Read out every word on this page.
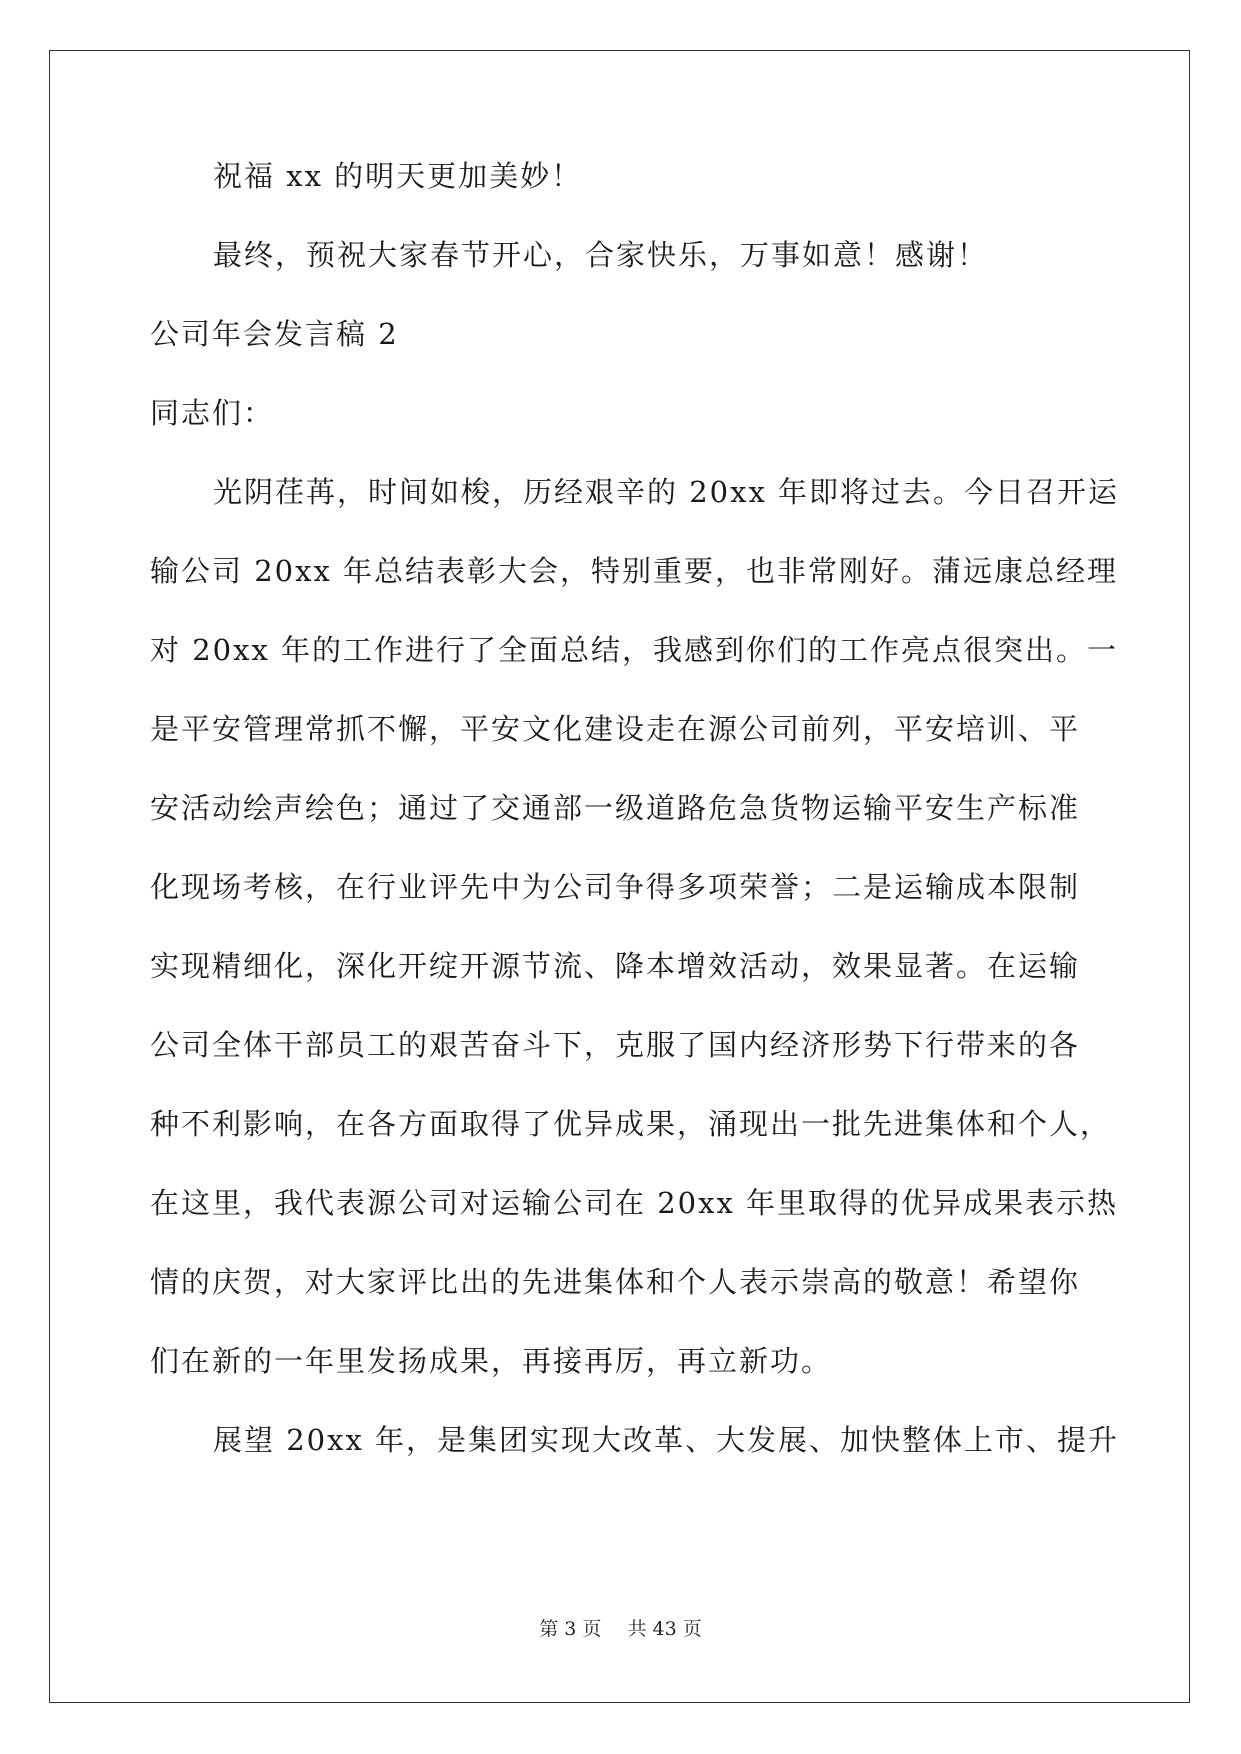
祝福 xx 的明天更加美妙！
最终，预祝大家春节开心，合家快乐，万事如意！感谢！
公司年会发言稿 2
同志们：
光阴荏苒，时间如梭，历经艰辛的 20xx 年即将过去。今日召开运
输公司 20xx 年总结表彰大会，特别重要，也非常刚好。蒲远康总经理
对 20xx 年的工作进行了全面总结，我感到你们的工作亮点很突出。一
是平安管理常抓不懈，平安文化建设走在源公司前列，平安培训、平
安活动绘声绘色；通过了交通部一级道路危急货物运输平安生产标准
化现场考核，在行业评先中为公司争得多项荣誉；二是运输成本限制
实现精细化，深化开绽开源节流、降本增效活动，效果显著。在运输
公司全体干部员工的艰苦奋斗下，克服了国内经济形势下行带来的各
种不利影响，在各方面取得了优异成果，涌现出一批先进集体和个人，
在这里，我代表源公司对运输公司在 20xx 年里取得的优异成果表示热
情的庆贺，对大家评比出的先进集体和个人表示崇高的敬意！希望你
们在新的一年里发扬成果，再接再厉，再立新功。
展望 20xx 年，是集团实现大改革、大发展、加快整体上市、提升
第 3 页 共 43 页
